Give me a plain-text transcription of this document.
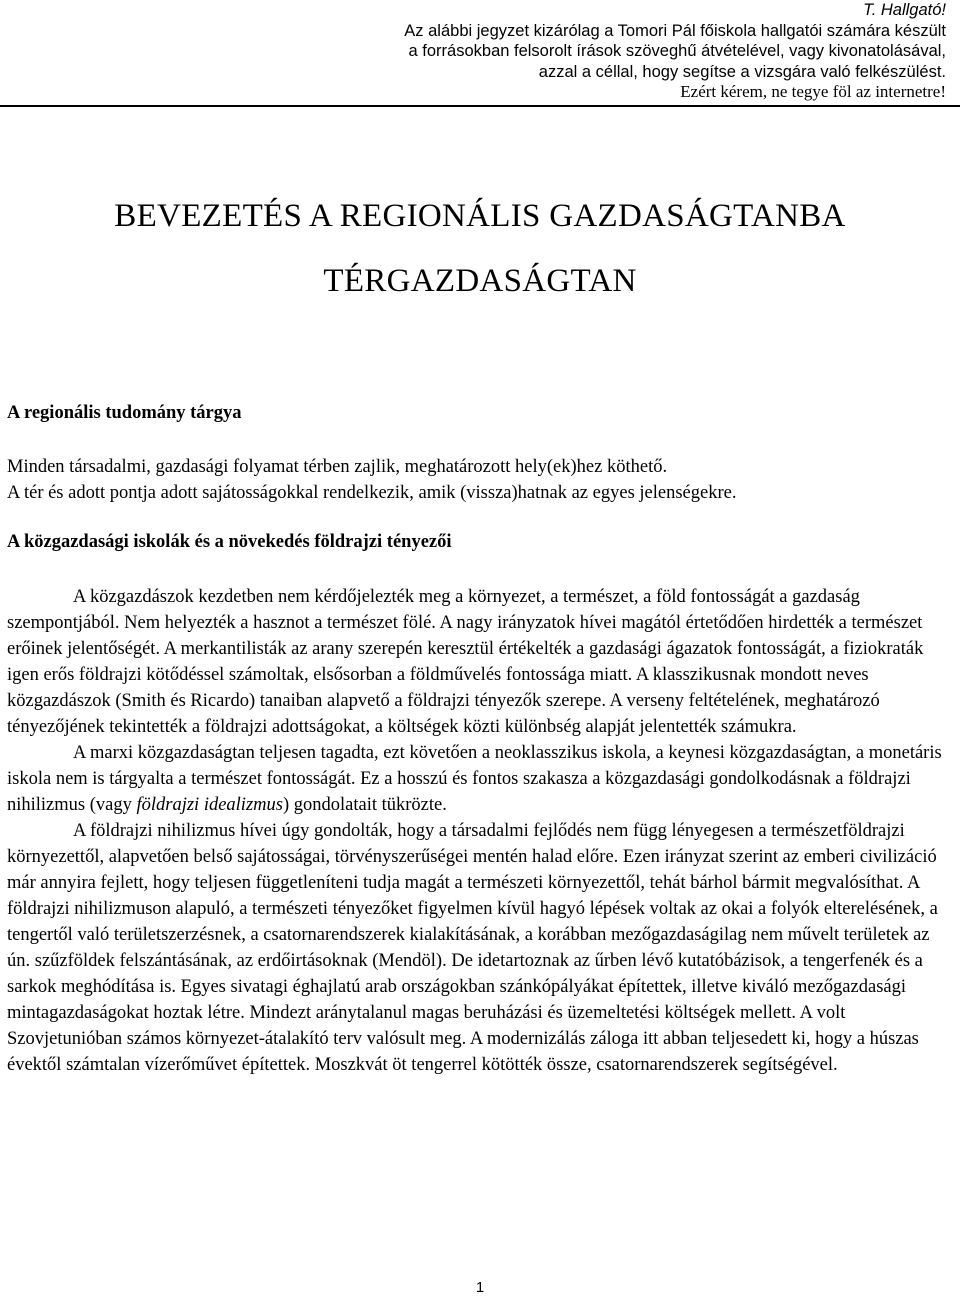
T. Hallgató!
Az alábbi jegyzet kizárólag a Tomori Pál főiskola hallgatói számára készült
a forrásokban felsorolt írások szöveghű átvételével, vagy kivonatolásával,
azzal a céllal, hogy segítse a vizsgára való felkészülést.
Ezért kérem, ne tegye föl az internetre!
BEVEZETÉS A REGIONÁLIS GAZDASÁGTANBA
TÉRGAZDASÁGTAN
A regionális tudomány tárgya

Minden társadalmi, gazdasági folyamat térben zajlik, meghatározott hely(ek)hez köthető.

A tér és adott pontja adott sajátosságokkal rendelkezik, amik (vissza)hatnak az egyes jelenségekre.

A közgazdasági iskolák és a növekedés földrajzi tényezői

A közgazdászok kezdetben nem kérdőjelezték meg a környezet, a természet, a föld fontosságát a gazdaság szempontjából. Nem helyezték a hasznot a természet fölé. A nagy irányzatok hívei magától értetődően hirdették a természet erőinek jelentőségét. A merkantilisták az arany szerepén keresztül értékelték a gazdasági ágazatok fontosságát, a fiziokraták igen erős földrajzi kötődéssel számoltak, elsősorban a földművelés fontossága miatt. A klasszikusnak mondott neves közgazdászok (Smith és Ricardo) tanaiban alapvető a földrajzi tényezők szerepe. A verseny feltételének, meghatározó tényezőjének tekintették a földrajzi adottságokat, a költségek közti különbség alapját jelentették számukra.

A marxi közgazdaságtan teljesen tagadta, ezt követően a neoklasszikus iskola, a keynesi közgazdaságtan, a monetáris iskola nem is tárgyalta a természet fontosságát. Ez a hosszú és fontos szakasza a közgazdasági gondolkodásnak a földrajzi nihilizmus (vagy földrajzi idealizmus) gondolatait tükrözte.

A földrajzi nihilizmus hívei úgy gondolták, hogy a társadalmi fejlődés nem függ lényegesen a természetföldrajzi környezettől, alapvetően belső sajátosságai, törvényszerűségei mentén halad előre. Ezen irányzat szerint az emberi civilizáció már annyira fejlett, hogy teljesen függetleníteni tudja magát a természeti környezettől, tehát bárhol bármit megvalósíthat. A földrajzi nihilizmuson alapuló, a természeti tényezőket figyelmen kívül hagyó lépések voltak az okai a folyók elterelésének, a tengertől való területszerzésnek, a csatornarendszerek kialakításának, a korábban mezőgazdaságilag nem művelt területek az ún. szűzföldek felszántásának, az erdőirtásoknak (Mendöl). De idetartoznak az űrben lévő kutatóbázisok, a tengerfenék és a sarkok meghódítása is. Egyes sivatagi éghajlatú arab országokban szánkópályákat építettek, illetve kiváló mezőgazdasági mintagazdaságokat hoztak létre. Mindezt aránytalanul magas beruházási és üzemeltetési költségek mellett. A volt Szovjetunióban számos környezet-átalakító terv valósult meg. A modernizálás záloga itt abban teljesedett ki, hogy a húszas évektől számtalan vízerőművet építettek. Moszkvát öt tengerrel kötötték össze, csatornarendszerek segítségével.

1
